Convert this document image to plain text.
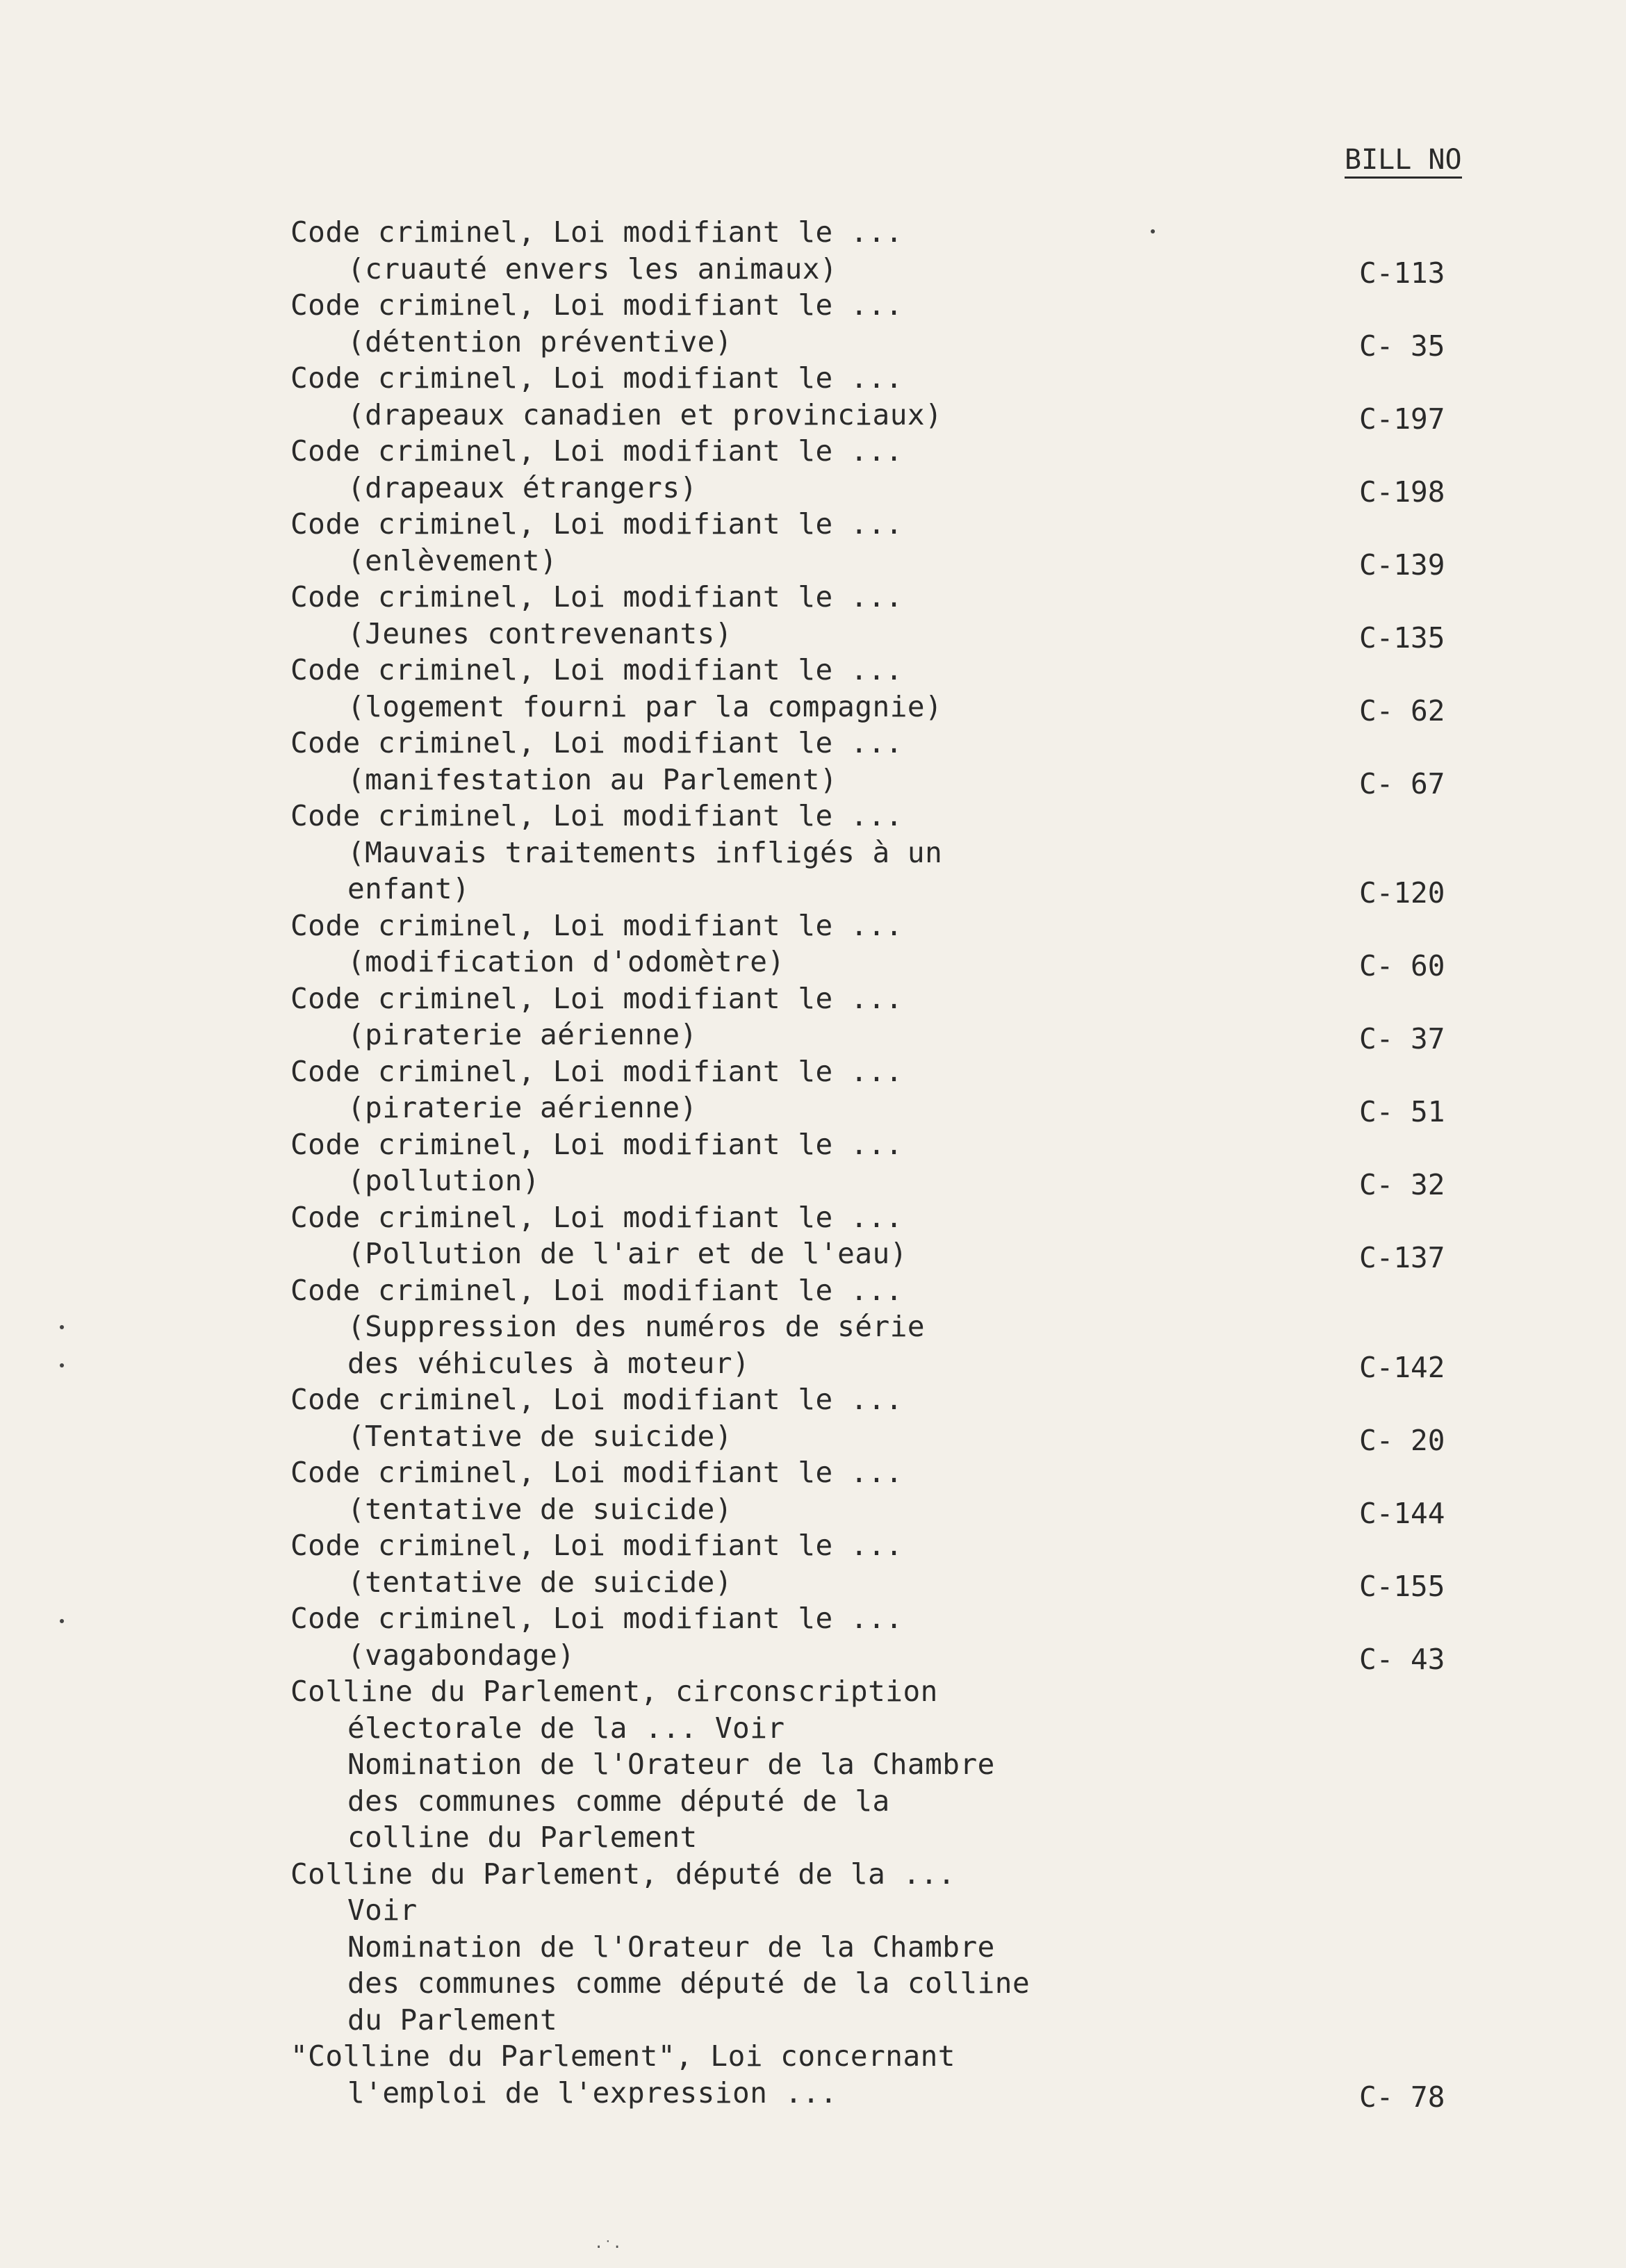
BILL NO
Code criminel, Loi modifiant le ...
(cruauté envers les animaux)	C-113
Code criminel, Loi modifiant le ...
(détention préventive)	C- 35
Code criminel, Loi modifiant le ...
(drapeaux canadien et provinciaux)	C-197
Code criminel, Loi modifiant le ...
(drapeaux étrangers)	C-198
Code criminel, Loi modifiant le ...
(enlèvement)	C-139
Code criminel, Loi modifiant le ...
(Jeunes contrevenants)	C-135
Code criminel, Loi modifiant le ...
(logement fourni par la compagnie)	C- 62
Code criminel, Loi modifiant le ...
(manifestation au Parlement)	C- 67
Code criminel, Loi modifiant le ...
(Mauvais traitements infligés à un
enfant)	C-120
Code criminel, Loi modifiant le ...
(modification d'odomètre)	C- 60
Code criminel, Loi modifiant le ...
(piraterie aérienne)	C- 37
Code criminel, Loi modifiant le ...
(piraterie aérienne)	C- 51
Code criminel, Loi modifiant le ...
(pollution)	C- 32
Code criminel, Loi modifiant le ...
(Pollution de l'air et de l'eau)	C-137
Code criminel, Loi modifiant le ...
(Suppression des numéros de série
des véhicules à moteur)	C-142
Code criminel, Loi modifiant le ...
(Tentative de suicide)	C- 20
Code criminel, Loi modifiant le ...
(tentative de suicide)	C-144
Code criminel, Loi modifiant le ...
(tentative de suicide)	C-155
Code criminel, Loi modifiant le ...
(vagabondage)	C- 43
Colline du Parlement, circonscription
électorale de la ... Voir
Nomination de l'Orateur de la Chambre
des communes comme député de la
colline du Parlement
Colline du Parlement, député de la ...
Voir
Nomination de l'Orateur de la Chambre
des communes comme député de la colline
du Parlement
"Colline du Parlement", Loi concernant
l'emploi de l'expression ...	C- 78
·˙·
